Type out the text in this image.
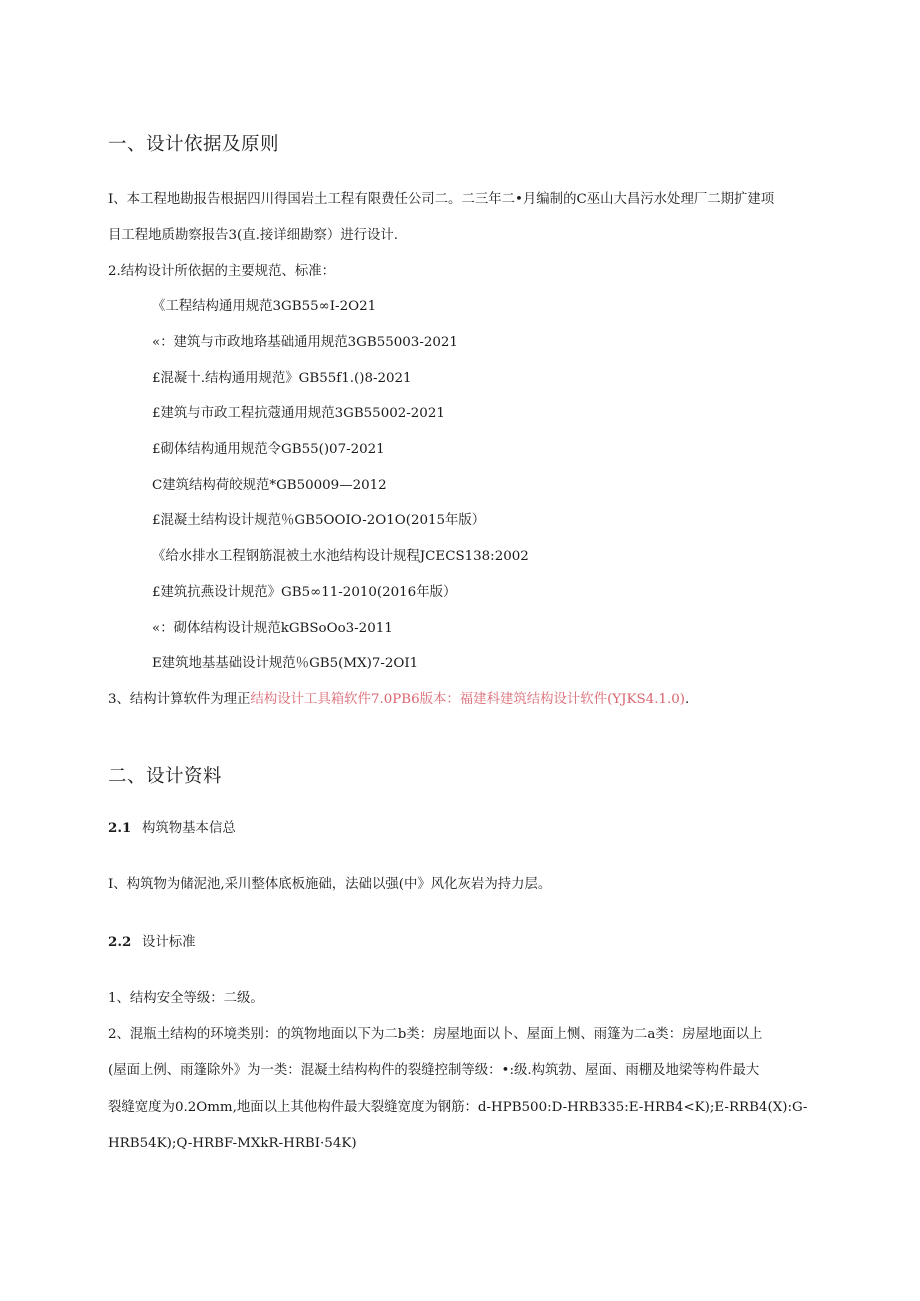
一、设计依据及原则
I、本工程地勘报告根据四川得国岩土工程有限费任公司二。二三年二•月编制的C巫山大昌污水处理厂二期扩建项
目工程地质勘察报告3(直.接详细勘察）进行设计.
2.结构设计所依据的主要规范、标准：
《工程结构通用规范3GB55∞I-2O21
«：建筑与市政地珞基础通用规范3GB55003-2021
£混凝十.结构通用规范》GB55f1.()8-2021
£建筑与市政工程抗蔻通用规范3GB55002-2021
£砌体结构通用规范令GB55()07-2021
C建筑结构荷皎规范*GB50009—2012
£混凝土结构设计规范％GB5OOIO-2O1O(2015年版）
《给水排水工程钢筋混被土水池结构设计规程JCECS138:2002
£建筑抗燕设计规范》GB5∞11-2010(2016年版）
«：砌体结构设计规范kGBSoOo3-2011
E建筑地基基础设计规范％GB5(MX)7-2OI1
3、结构计算软件为理正结构设计工具箱软件7.0PB6版本：福建科建筑结构设计软件(YJKS4.1.0).
二、设计资料
2.1 构筑物基本信总
I、构筑物为储泥池,采川整体底板施础，法础以强(中》风化灰岩为持力层。
2.2 设计标准
1、结构安全等级：二级。
2、混瓶土结构的环境类别：的筑物地面以下为二b类：房屋地面以卜、屋面上恻、雨篷为二a类：房屋地面以上
(屋面上例、雨篷除外》为一类：混凝土结构构件的裂缝控制等级：•:级.构筑勃、屋面、雨棚及地梁等构件最大
裂缝宽度为0.2Omm,地面以上其他构件最大裂缝宽度为钢筋：d-HPB500:D-HRB335:E-HRB4<K);E-RRB4(X):G-
HRB54K);Q-HRBF-MXkR-HRBI·54K)
